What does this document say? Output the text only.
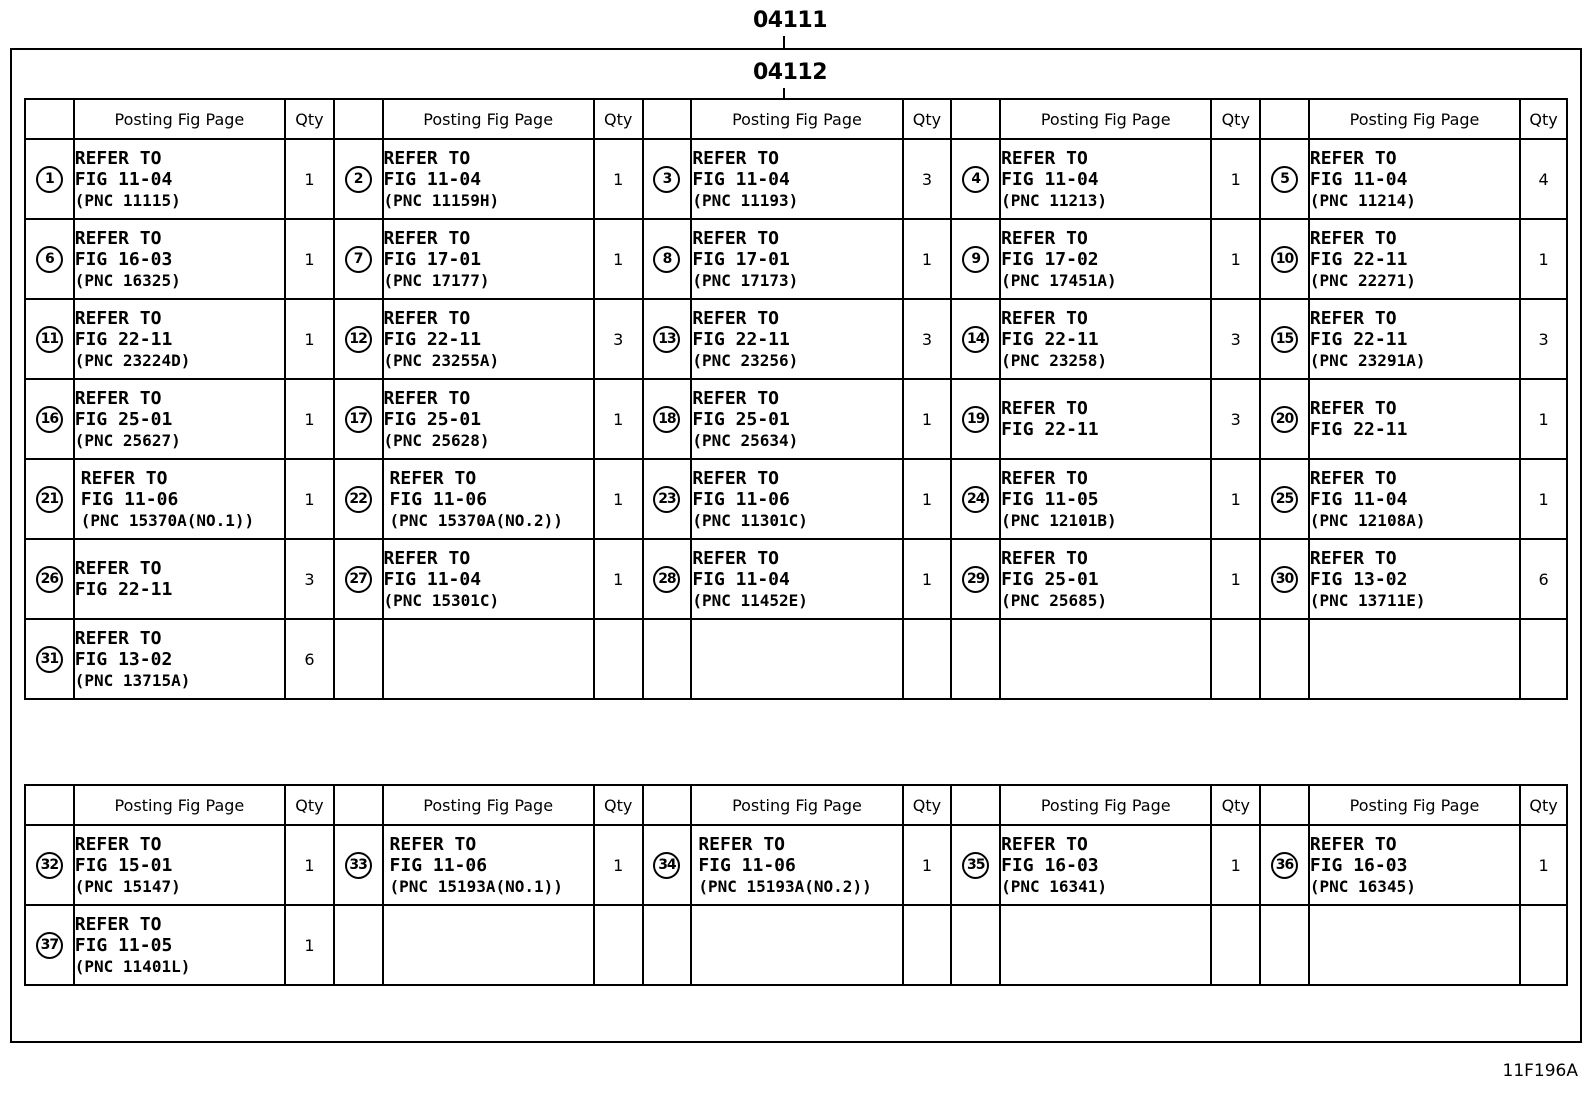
04111
04112
	Posting Fig Page	Qty		Posting Fig Page	Qty		Posting Fig Page	Qty		Posting Fig Page	Qty		Posting Fig Page	Qty
1	REFER TO
FIG 11-04
(PNC 11115)	1	2	REFER TO
FIG 11-04
(PNC 11159H)	1	3	REFER TO
FIG 11-04
(PNC 11193)	3	4	REFER TO
FIG 11-04
(PNC 11213)	1	5	REFER TO
FIG 11-04
(PNC 11214)	4
6	REFER TO
FIG 16-03
(PNC 16325)	1	7	REFER TO
FIG 17-01
(PNC 17177)	1	8	REFER TO
FIG 17-01
(PNC 17173)	1	9	REFER TO
FIG 17-02
(PNC 17451A)	1	10	REFER TO
FIG 22-11
(PNC 22271)	1
11	REFER TO
FIG 22-11
(PNC 23224D)	1	12	REFER TO
FIG 22-11
(PNC 23255A)	3	13	REFER TO
FIG 22-11
(PNC 23256)	3	14	REFER TO
FIG 22-11
(PNC 23258)	3	15	REFER TO
FIG 22-11
(PNC 23291A)	3
16	REFER TO
FIG 25-01
(PNC 25627)	1	17	REFER TO
FIG 25-01
(PNC 25628)	1	18	REFER TO
FIG 25-01
(PNC 25634)	1	19	REFER TO
FIG 22-11	3	20	REFER TO
FIG 22-11	1
21	REFER TO
FIG 11-06
(PNC 15370A(NO.1))	1	22	REFER TO
FIG 11-06
(PNC 15370A(NO.2))	1	23	REFER TO
FIG 11-06
(PNC 11301C)	1	24	REFER TO
FIG 11-05
(PNC 12101B)	1	25	REFER TO
FIG 11-04
(PNC 12108A)	1
26	REFER TO
FIG 22-11	3	27	REFER TO
FIG 11-04
(PNC 15301C)	1	28	REFER TO
FIG 11-04
(PNC 11452E)	1	29	REFER TO
FIG 25-01
(PNC 25685)	1	30	REFER TO
FIG 13-02
(PNC 13711E)	6
31	REFER TO
FIG 13-02
(PNC 13715A)	6												
	Posting Fig Page	Qty		Posting Fig Page	Qty		Posting Fig Page	Qty		Posting Fig Page	Qty		Posting Fig Page	Qty
32	REFER TO
FIG 15-01
(PNC 15147)	1	33	REFER TO
FIG 11-06
(PNC 15193A(NO.1))	1	34	REFER TO
FIG 11-06
(PNC 15193A(NO.2))	1	35	REFER TO
FIG 16-03
(PNC 16341)	1	36	REFER TO
FIG 16-03
(PNC 16345)	1
37	REFER TO
FIG 11-05
(PNC 11401L)	1												
11F196A
